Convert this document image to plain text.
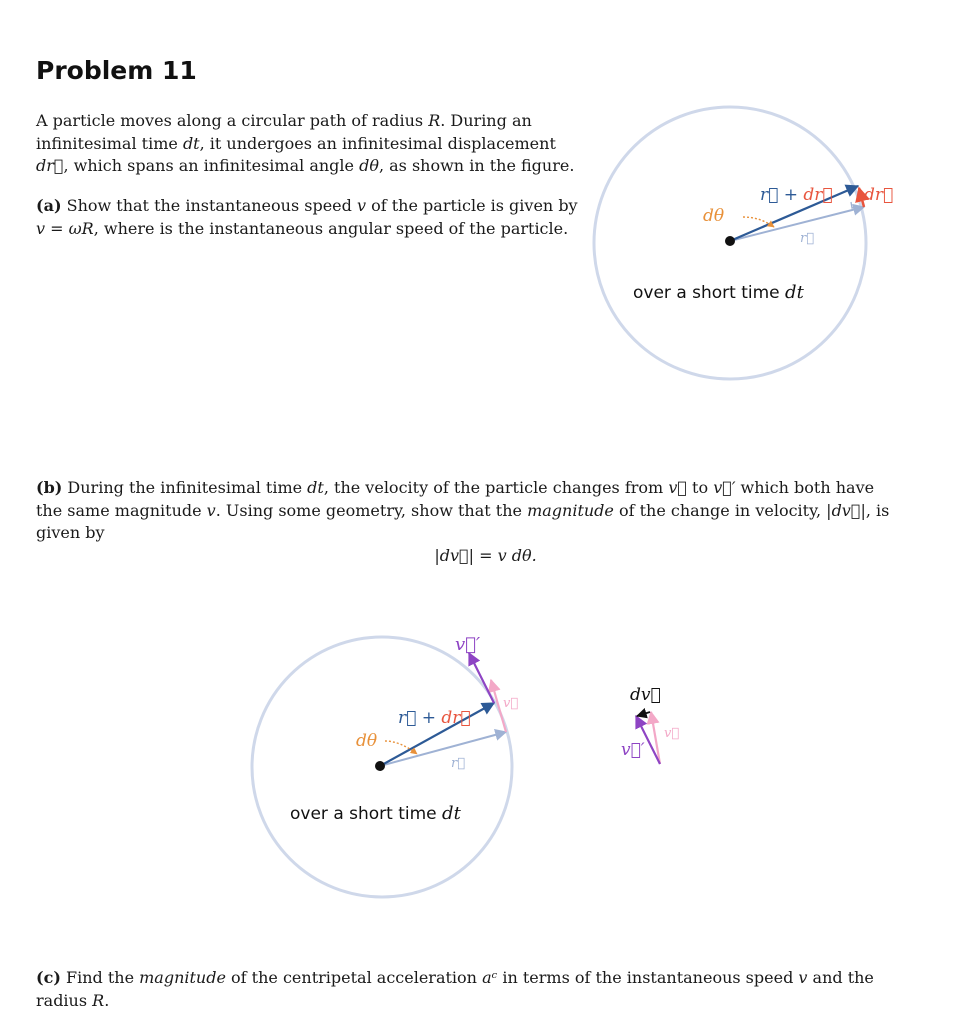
Problem 11
A particle moves along a circular path of radius R. During an infinitesimal time dt, it undergoes an infinitesimal displacement dr⃗, which spans an infinitesimal angle dθ, as shown in the figure.
(a) Show that the instantaneous speed v of the particle is given by v = ωR, where is the instantaneous angular speed of the particle.
(b) During the infinitesimal time dt, the velocity of the particle changes from v⃗ to v⃗′ which both have the same magnitude v. Using some geometry, show that the magnitude of the change in velocity, |dv⃗|, is given by
|dv⃗| = v dθ.
(c) Find the magnitude of the centripetal acceleration aᶜ in terms of the instantaneous speed v and the radius R.
dθ
r⃗ + dr⃗ dr⃗
r⃗
over a short time dt
dθ
r⃗ + dr⃗
r⃗
v⃗′
v⃗
over a short time dt
dv⃗
v⃗
v⃗′
